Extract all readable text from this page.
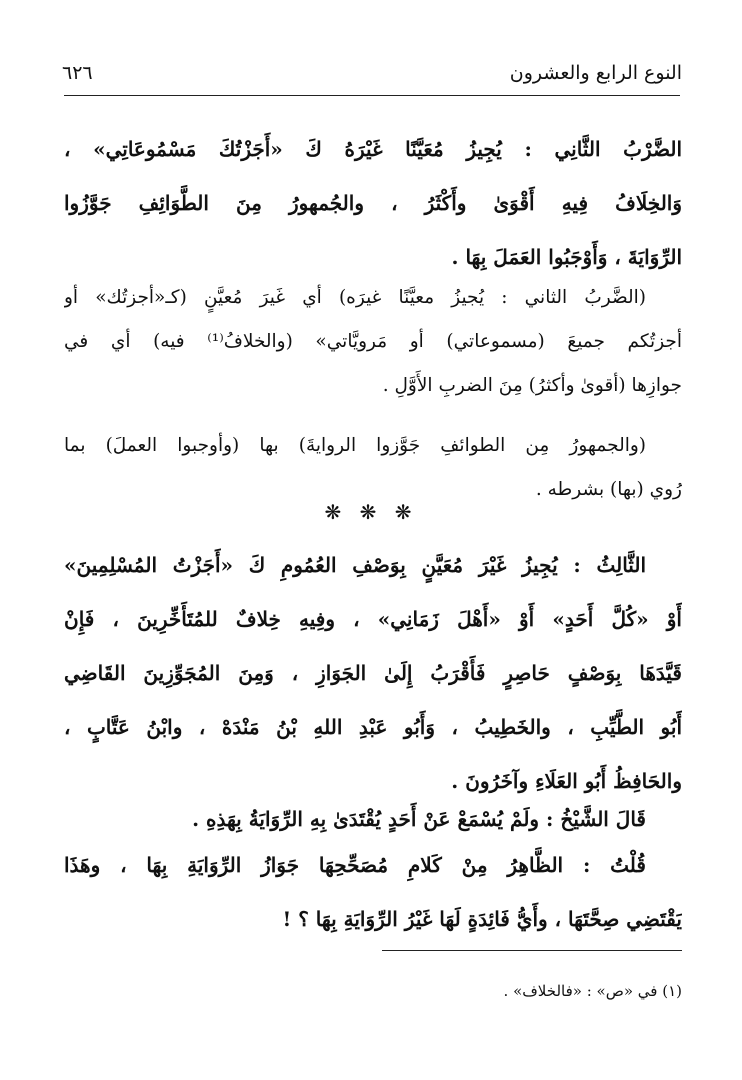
النوع الرابع والعشرون
٦٢٦
الضَّرْبُ الثَّانِي : يُجِيزُ مُعَيَّنًا غَيْرَهُ كَ «أَجَزْتُكَ مَسْمُوعَاتِي» ،
وَالخِلَافُ فِيهِ أَقْوَىٰ وأَكْثَرُ ، والجُمهورُ مِنَ الطَّوَائِفِ جَوَّزُوا
الرِّوَايَةَ ، وَأَوْجَبُوا العَمَلَ بِهَا .
(الضَّربُ الثاني : يُجيزُ معيَّنًا غيرَه) أي غَيرَ مُعيَّنٍ (كـ«أجزتُك» أو
أجزتُكم جميعَ (مسموعاتي) أو مَرويَّاتي» (والخلافُ⁽¹⁾ فيه) أي في
جوازِها (أقوىٰ وأكثرُ) مِنَ الضربِ الأَوَّلِ .
(والجمهورُ مِن الطوائفِ جَوَّزوا الروايةَ) بها (وأوجبوا العملَ) بما
رُوي (بها) بشرطه .
❋ ❋ ❋
الثَّالِثُ : يُجِيزُ غَيْرَ مُعَيَّنٍ بِوَصْفِ العُمُومِ كَ «أَجَزْتُ المُسْلِمِينَ»
أَوْ «كُلَّ أَحَدٍ» أَوْ «أَهْلَ زَمَانِي» ، وفِيهِ خِلافٌ للمُتَأَخِّرِينَ ، فَإِنْ
قَيَّدَهَا بِوَصْفٍ حَاصِرٍ فَأَقْرَبُ إِلَىٰ الجَوَازِ ، وَمِنَ المُجَوِّزِينَ القَاضِي
أَبُو الطَّيِّبِ ، والخَطِيبُ ، وَأَبُو عَبْدِ اللهِ بْنُ مَنْدَهْ ، وابْنُ عَتَّابٍ ،
والحَافِظُ أَبُو العَلَاءِ وآخَرُونَ .
قَالَ الشَّيْخُ : ولَمْ يُسْمَعْ عَنْ أَحَدٍ يُقْتَدَىٰ بِهِ الرِّوَايَةُ بِهَذِهِ .
قُلْتُ : الظَّاهِرُ مِنْ كَلامِ مُصَحِّحِهَا جَوَازُ الرِّوَايَةِ بِهَا ، وهَذَا
يَقْتَضِي صِحَّتَهَا ، وأَيُّ فَائِدَةٍ لَهَا غَيْرُ الرِّوَايَةِ بِهَا ؟ !
(١) في «ص» : «فالخلاف» .
